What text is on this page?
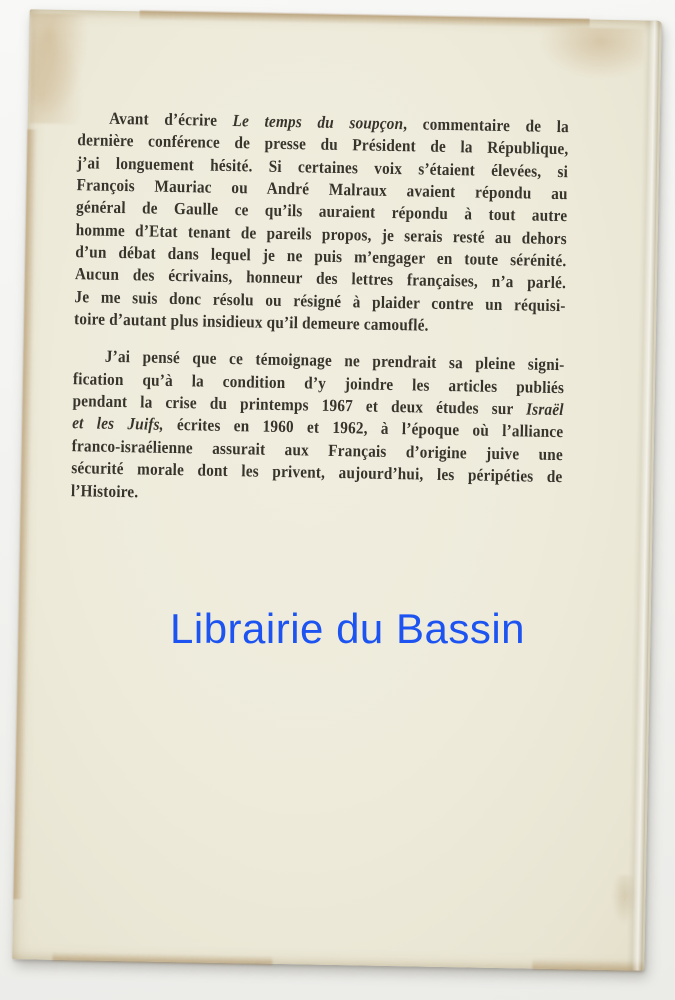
Avant d’écrire Le temps du soupçon, commentaire de la
dernière conférence de presse du Président de la République,
j’ai longuement hésité. Si certaines voix s’étaient élevées, si
François Mauriac ou André Malraux avaient répondu au
général de Gaulle ce qu’ils auraient répondu à tout autre
homme d’Etat tenant de pareils propos, je serais resté au dehors
d’un débat dans lequel je ne puis m’engager en toute sérénité.
Aucun des écrivains, honneur des lettres françaises, n’a parlé.
Je me suis donc résolu ou résigné à plaider contre un réquisi-
toire d’autant plus insidieux qu’il demeure camouflé.
J’ai pensé que ce témoignage ne prendrait sa pleine signi-
fication qu’à la condition d’y joindre les articles publiés
pendant la crise du printemps 1967 et deux études sur Israël
et les Juifs, écrites en 1960 et 1962, à l’époque où l’alliance
franco-israélienne assurait aux Français d’origine juive une
sécurité morale dont les privent, aujourd’hui, les péripéties de
l’Histoire.
Librairie du Bassin
